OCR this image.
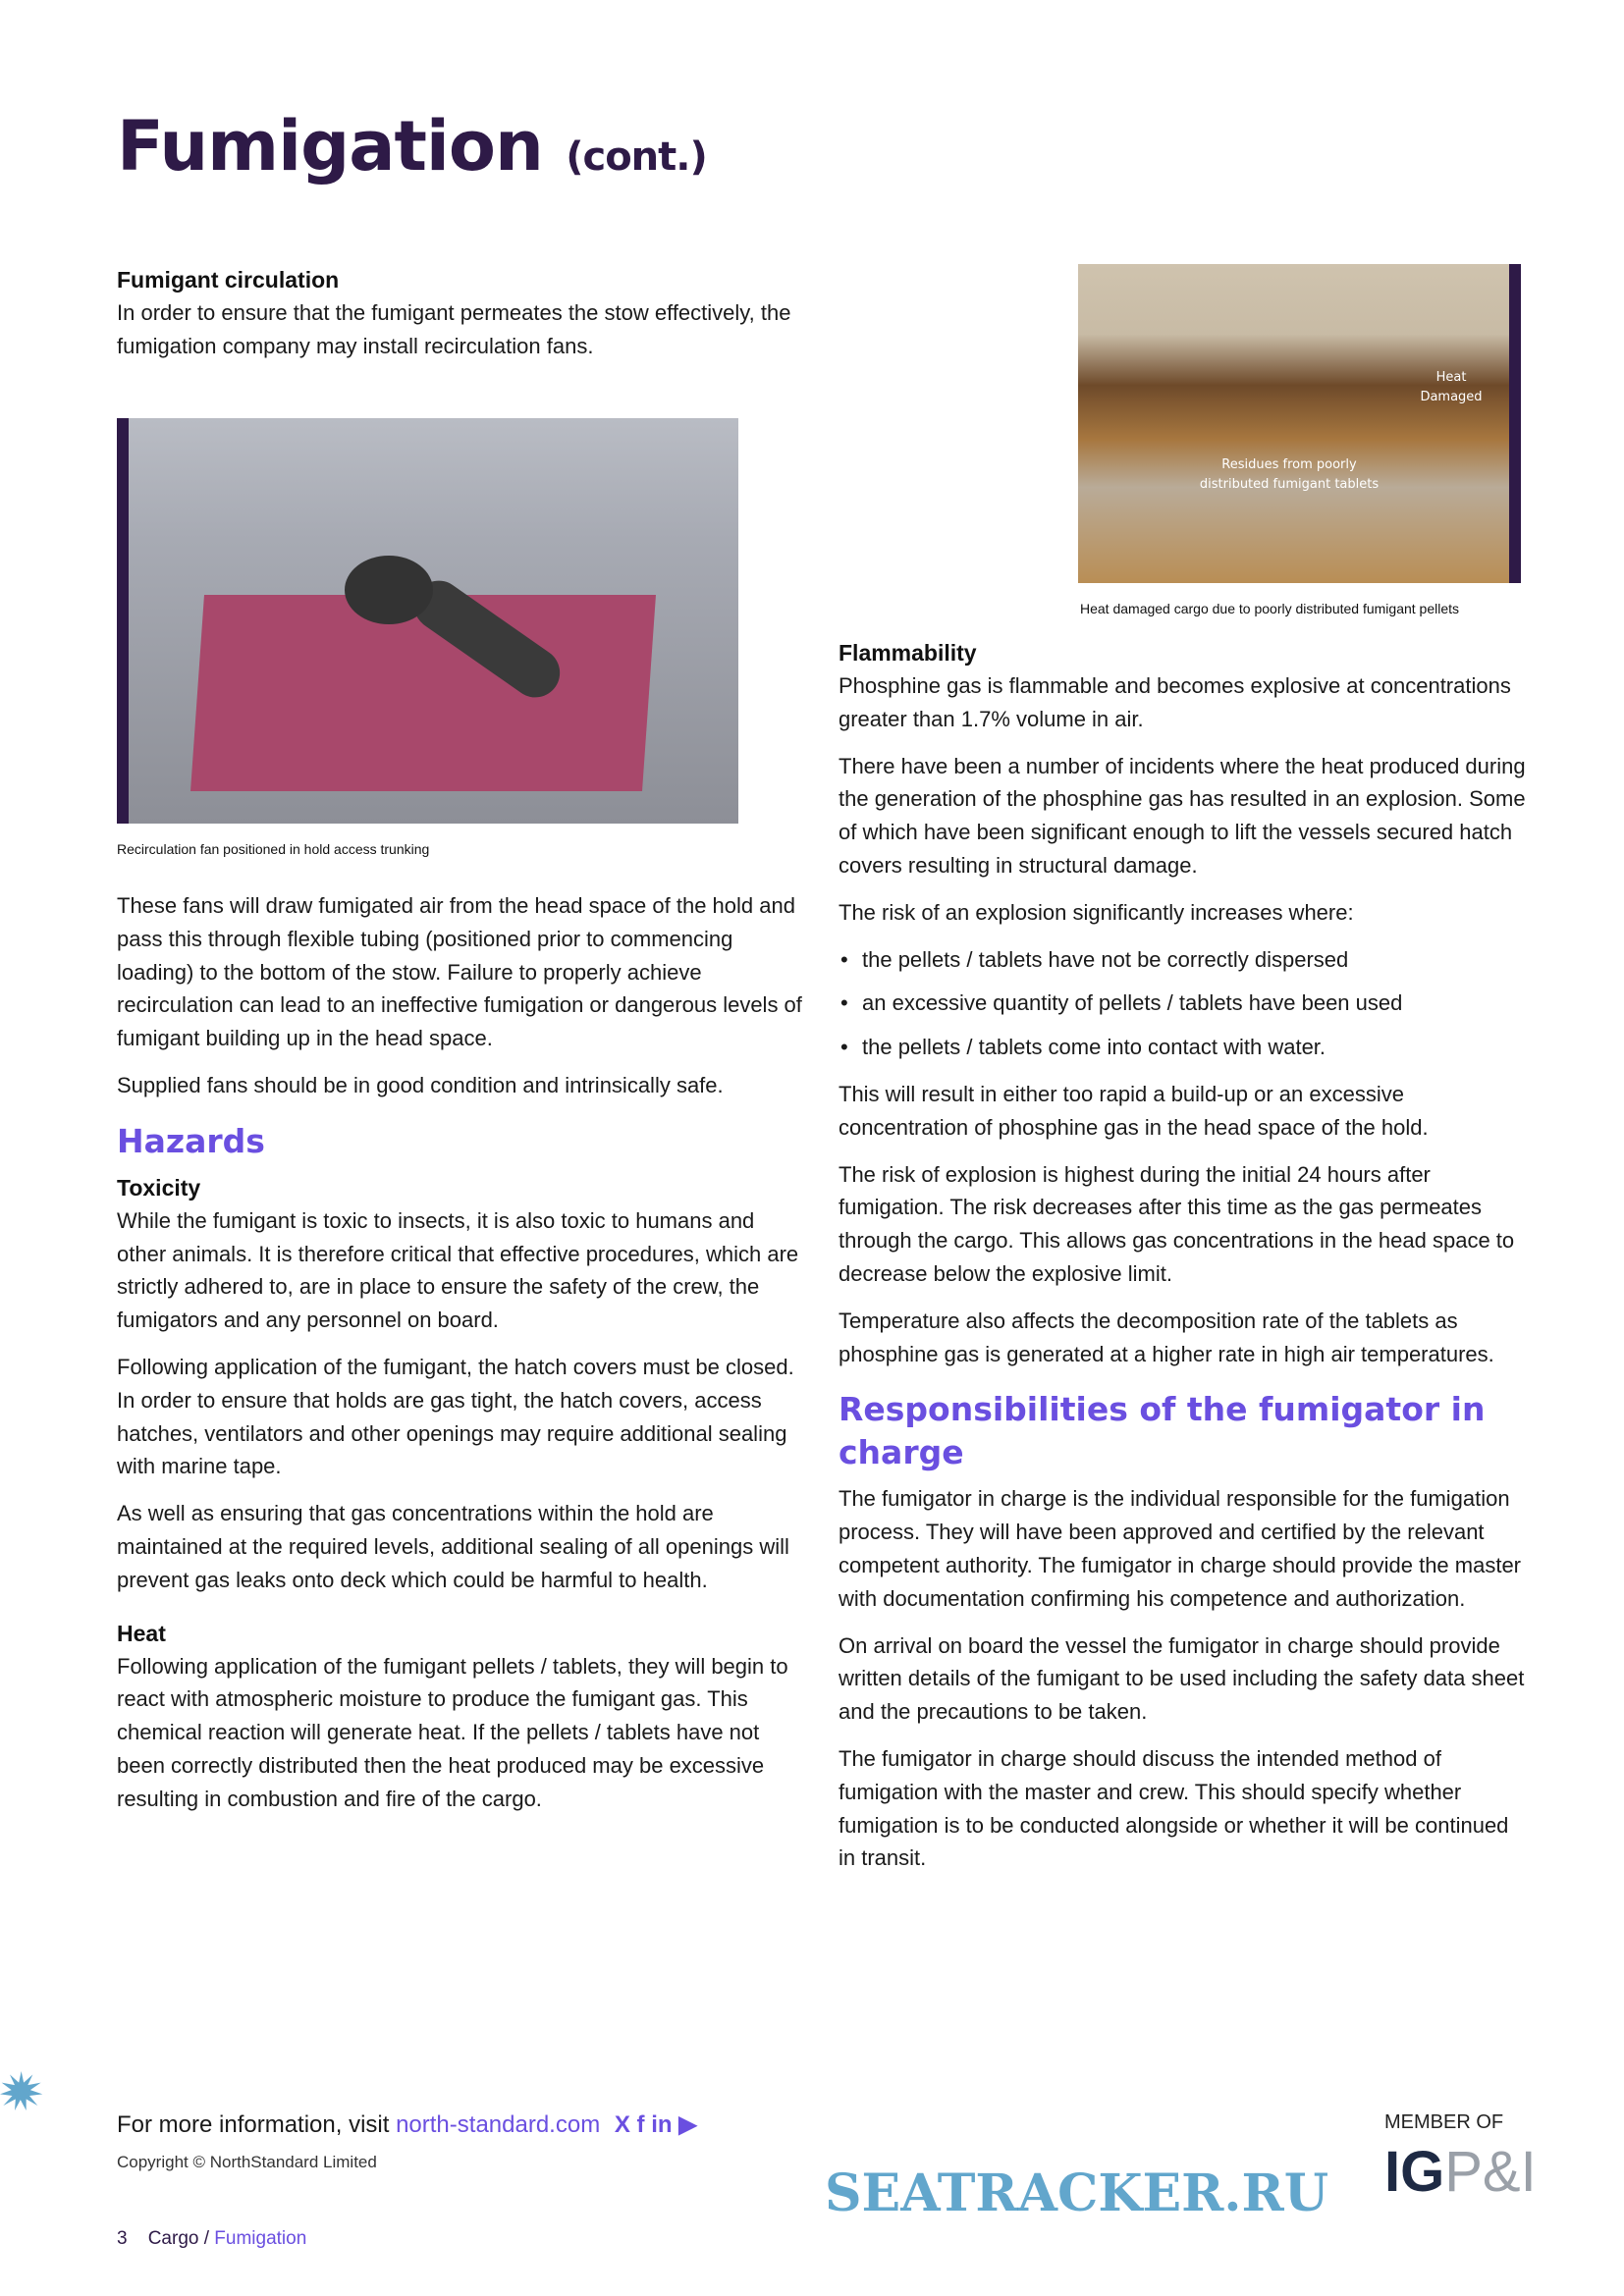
Fumigation (cont.)
Fumigant circulation

In order to ensure that the fumigant permeates the stow effectively, the fumigation company may install recirculation fans.

Recirculation fan positioned in hold access trunking

These fans will draw fumigated air from the head space of the hold and pass this through flexible tubing (positioned prior to commencing loading) to the bottom of the stow. Failure to properly achieve recirculation can lead to an ineffective fumigation or dangerous levels of fumigant building up in the head space.

Supplied fans should be in good condition and intrinsically safe.

Hazards
Toxicity

While the fumigant is toxic to insects, it is also toxic to humans and other animals. It is therefore critical that effective procedures, which are strictly adhered to, are in place to ensure the safety of the crew, the fumigators and any personnel on board.

Following application of the fumigant, the hatch covers must be closed. In order to ensure that holds are gas tight, the hatch covers, access hatches, ventilators and other openings may require additional sealing with marine tape.

As well as ensuring that gas concentrations within the hold are maintained at the required levels, additional sealing of all openings will prevent gas leaks onto deck which could be harmful to health.

Heat

Following application of the fumigant pellets / tablets, they will begin to react with atmospheric moisture to produce the fumigant gas. This chemical reaction will generate heat. If the pellets / tablets have not been correctly distributed then the heat produced may be excessive resulting in combustion and fire of the cargo.

Heat Damaged
Residues from poorly distributed fumigant tablets
Heat damaged cargo due to poorly distributed fumigant pellets
Flammability

Phosphine gas is flammable and becomes explosive at concentrations greater than 1.7% volume in air.

There have been a number of incidents where the heat produced during the generation of the phosphine gas has resulted in an explosion. Some of which have been significant enough to lift the vessels secured hatch covers resulting in structural damage.

The risk of an explosion significantly increases where:

• the pellets / tablets have not be correctly dispersed
• an excessive quantity of pellets / tablets have been used
• the pellets / tablets come into contact with water.

This will result in either too rapid a build-up or an excessive concentration of phosphine gas in the head space of the hold.

The risk of explosion is highest during the initial 24 hours after fumigation. The risk decreases after this time as the gas permeates through the cargo. This allows gas concentrations in the head space to decrease below the explosive limit.

Temperature also affects the decomposition rate of the tablets as phosphine gas is generated at a higher rate in high air temperatures.

Responsibilities of the fumigator in charge

The fumigator in charge is the individual responsible for the fumigation process. They will have been approved and certified by the relevant competent authority. The fumigator in charge should provide the master with documentation confirming his competence and authorization.

On arrival on board the vessel the fumigator in charge should provide written details of the fumigant to be used including the safety data sheet and the precautions to be taken.

The fumigator in charge should discuss the intended method of fumigation with the master and crew. This should specify whether fumigation is to be conducted alongside or whether it will be continued in transit.

For more information, visit north-standard.com X f in ▶
Copyright © NorthStandard Limited
3 Cargo / Fumigation
MEMBER OF
IGP&I
SEATRACKER.RU
